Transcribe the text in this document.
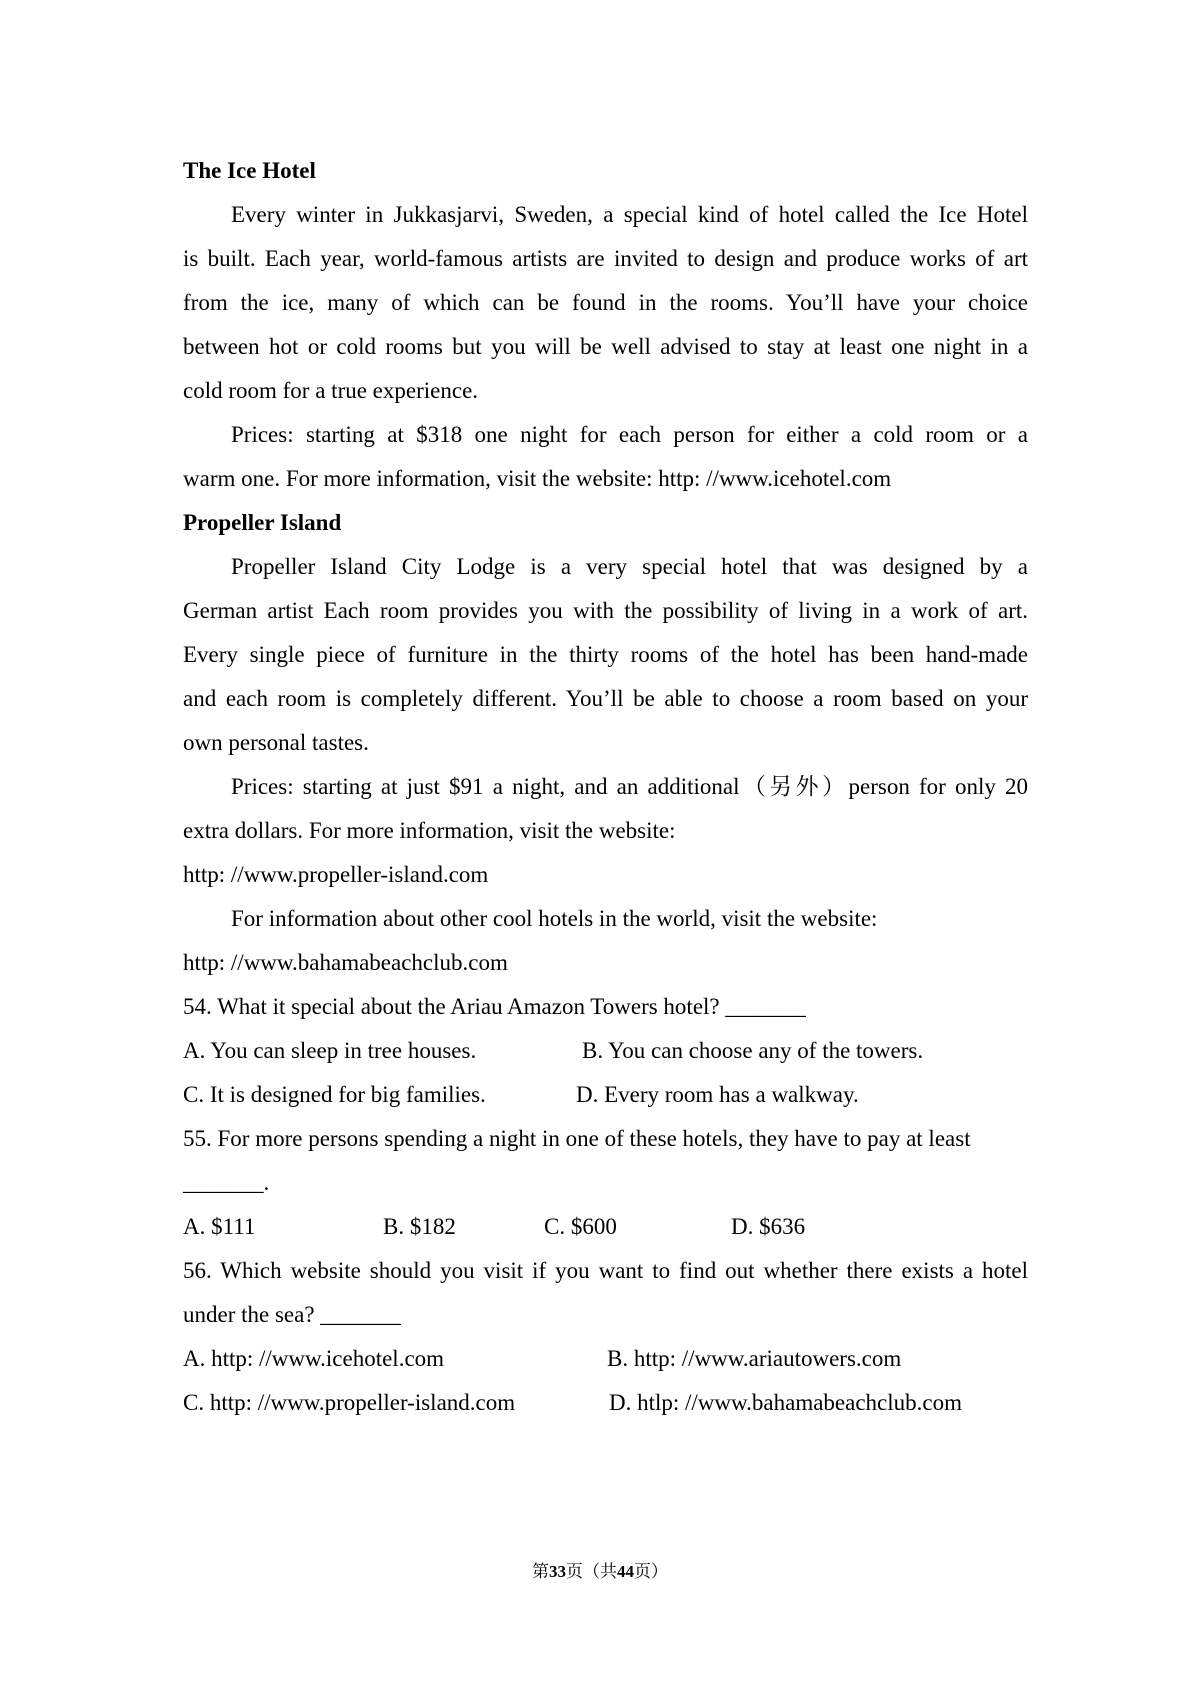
The Ice Hotel
Every winter in Jukkasjarvi, Sweden, a special kind of hotel called the Ice Hotel
is built. Each year, world-famous artists are invited to design and produce works of art
from the ice, many of which can be found in the rooms. You’ll have your choice
between hot or cold rooms but you will be well advised to stay at least one night in a
cold room for a true experience.
Prices: starting at $318 one night for each person for either a cold room or a
warm one. For more information, visit the website: http: //www.icehotel.com
Propeller Island
Propeller Island City Lodge is a very special hotel that was designed by a
German artist Each room provides you with the possibility of living in a work of art.
Every single piece of furniture in the thirty rooms of the hotel has been hand-made
and each room is completely different. You’ll be able to choose a room based on your
own personal tastes.
Prices: starting at just $91 a night, and an additional（另外）person for only 20
extra dollars. For more information, visit the website:
http: //www.propeller-island.com
For information about other cool hotels in the world, visit the website:
http: //www.bahamabeachclub.com
54. What it special about the Ariau Amazon Towers hotel? _______
A. You can sleep in tree houses.	B. You can choose any of the towers.
C. It is designed for big families.	D. Every room has a walkway.
55. For more persons spending a night in one of these hotels, they have to pay at least
_______.
A. $111	B. $182	C. $600	D. $636
56. Which website should you visit if you want to find out whether there exists a hotel
under the sea? _______
A. http: //www.icehotel.com	B. http: //www.ariautowers.com
C. http: //www.propeller-island.com	D. htlp: //www.bahamabeachclub.com
第33页（共44页）
